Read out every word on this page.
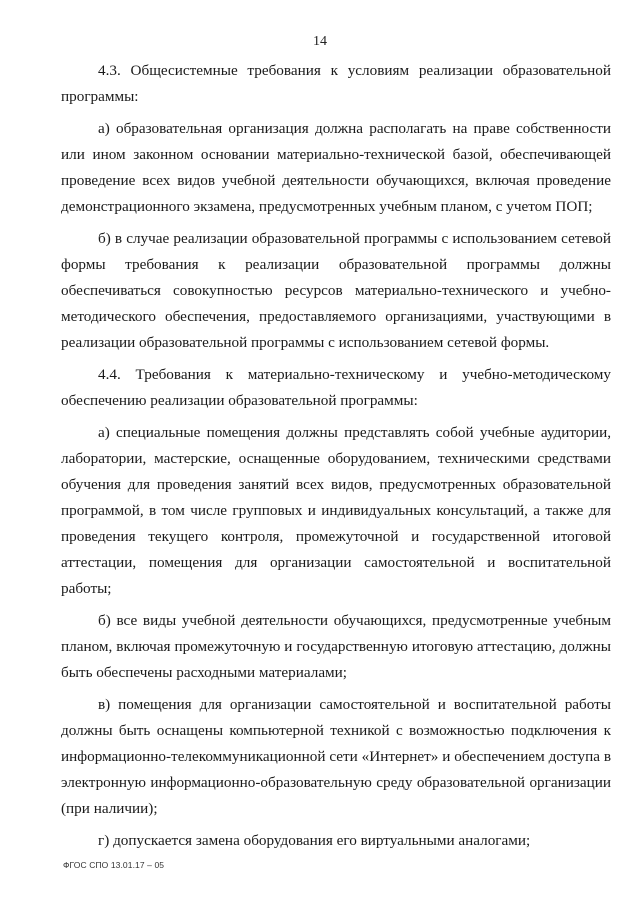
14

4.3. Общесистемные требования к условиям реализации образовательной программы:

а) образовательная организация должна располагать на праве собственности или ином законном основании материально-технической базой, обеспечивающей проведение всех видов учебной деятельности обучающихся, включая проведение демонстрационного экзамена, предусмотренных учебным планом, с учетом ПОП;

б) в случае реализации образовательной программы с использованием сетевой формы требования к реализации образовательной программы должны обеспечиваться совокупностью ресурсов материально-технического и учебно-методического обеспечения, предоставляемого организациями, участвующими в реализации образовательной программы с использованием сетевой формы.

4.4. Требования к материально-техническому и учебно-методическому обеспечению реализации образовательной программы:

а) специальные помещения должны представлять собой учебные аудитории, лаборатории, мастерские, оснащенные оборудованием, техническими средствами обучения для проведения занятий всех видов, предусмотренных образовательной программой, в том числе групповых и индивидуальных консультаций, а также для проведения текущего контроля, промежуточной и государственной итоговой аттестации, помещения для организации самостоятельной и воспитательной работы;

б) все виды учебной деятельности обучающихся, предусмотренные учебным планом, включая промежуточную и государственную итоговую аттестацию, должны быть обеспечены расходными материалами;

в) помещения для организации самостоятельной и воспитательной работы должны быть оснащены компьютерной техникой с возможностью подключения к информационно-телекоммуникационной сети «Интернет» и обеспечением доступа в электронную информационно-образовательную среду образовательной организации (при наличии);

г) допускается замена оборудования его виртуальными аналогами;

ФГОС СПО 13.01.17 – 05
